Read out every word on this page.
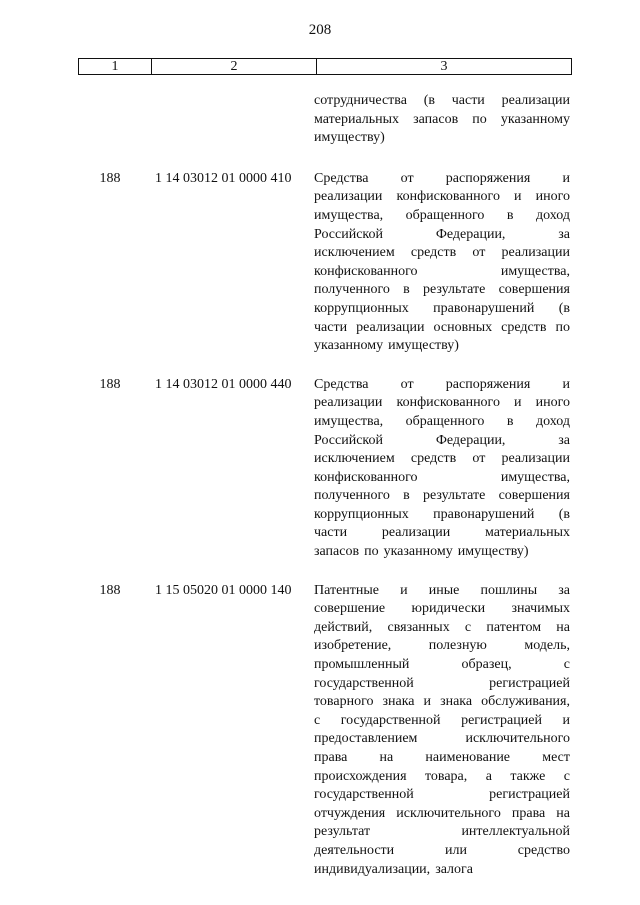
208
1	2	3
сотрудничества (в части реализации
материальных запасов по указанному
имуществу)
188	1 14 03012 01 0000 410	Средства от распоряжения и
реализации конфискованного и иного
имущества, обращенного в доход
Российской	Федерации,	за
исключением средств от реализации
конфискованного	имущества,
полученного в результате совершения
коррупционных правонарушений (в
части реализации основных средств по
указанному имуществу)
188	1 14 03012 01 0000 440	Средства от распоряжения и
реализации конфискованного и иного
имущества, обращенного в доход
Российской	Федерации,	за
исключением средств от реализации
конфискованного	имущества,
полученного в результате совершения
коррупционных правонарушений (в
части реализации материальных
запасов по указанному имуществу)
188	1 15 05020 01 0000 140	Патентные и иные пошлины за
совершение юридически значимых
действий, связанных с патентом на
изобретение,	полезную	модель,
промышленный	образец,	с
государственной	регистрацией
товарного знака и знака обслуживания,
с государственной регистрацией и
предоставлением	исключительного
права на наименование мест
происхождения товара, а также с
государственной	регистрацией
отчуждения исключительного права на
результат	интеллектуальной
деятельности	или	средство
индивидуализации, залога
